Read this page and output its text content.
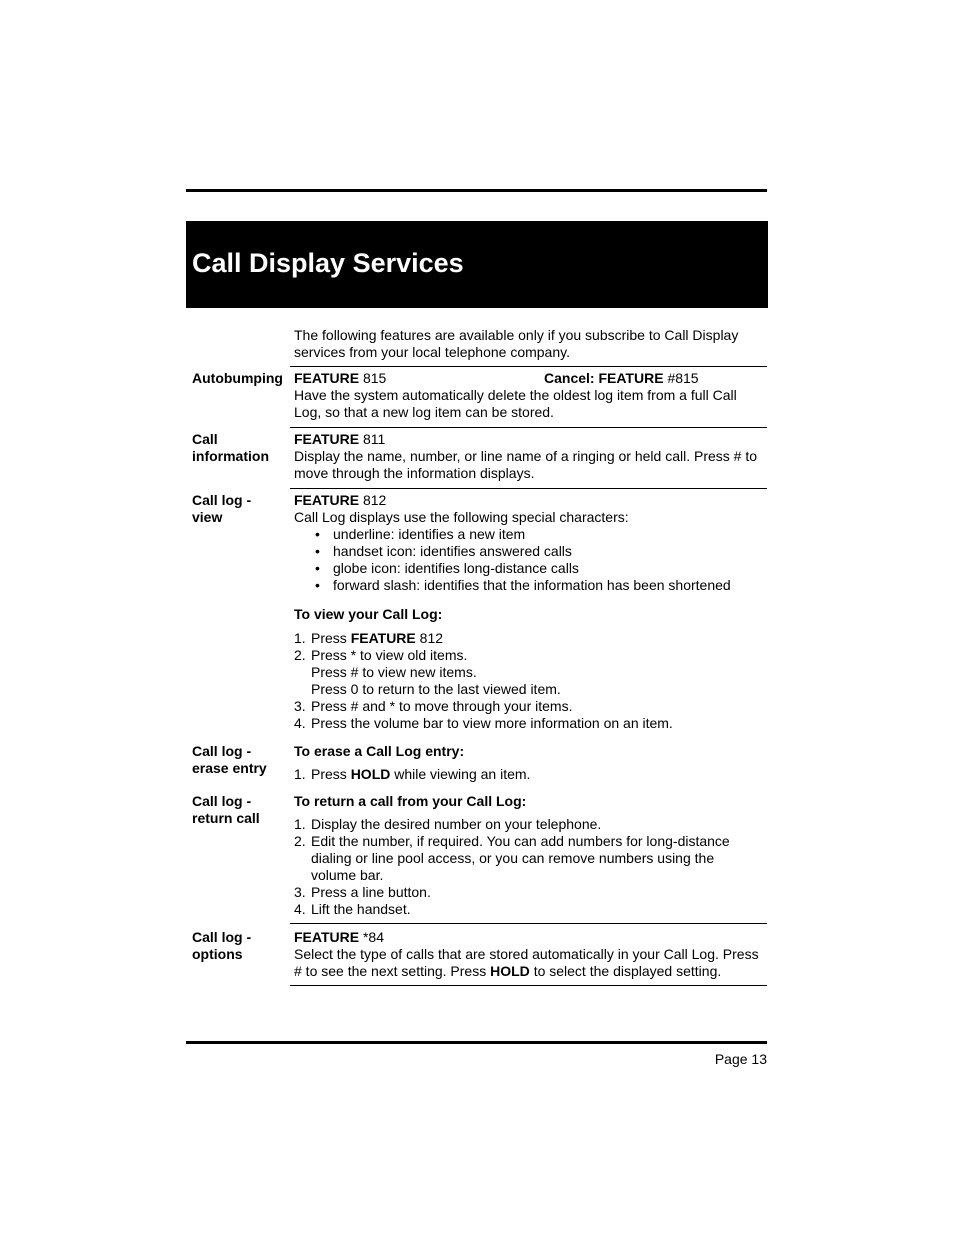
Call Display Services
The following features are available only if you subscribe to Call Display services from your local telephone company.
Autobumping FEATURE 815	Cancel: FEATURE #815
Have the system automatically delete the oldest log item from a full Call Log, so that a new log item can be stored.
Call
information
FEATURE 811
Display the name, number, or line name of a ringing or held call. Press # to move through the information displays.
Call log -
view
FEATURE 812
Call Log displays use the following special characters:
• underline: identifies a new item
• handset icon: identifies answered calls
• globe icon: identifies long-distance calls
• forward slash: identifies that the information has been shortened
To view your Call Log:
1. Press FEATURE 812
2. Press * to view old items.
Press # to view new items.
Press 0 to return to the last viewed item.
3. Press # and * to move through your items.
4. Press the volume bar to view more information on an item.
Call log -
erase entry
To erase a Call Log entry:
1. Press HOLD while viewing an item.
Call log -
return call
To return a call from your Call Log:
1. Display the desired number on your telephone.
2. Edit the number, if required. You can add numbers for long-distance dialing or line pool access, or you can remove numbers using the volume bar.
3. Press a line button.
4. Lift the handset.
Call log -
options
FEATURE *84
Select the type of calls that are stored automatically in your Call Log. Press # to see the next setting. Press HOLD to select the displayed setting.
Page 13
